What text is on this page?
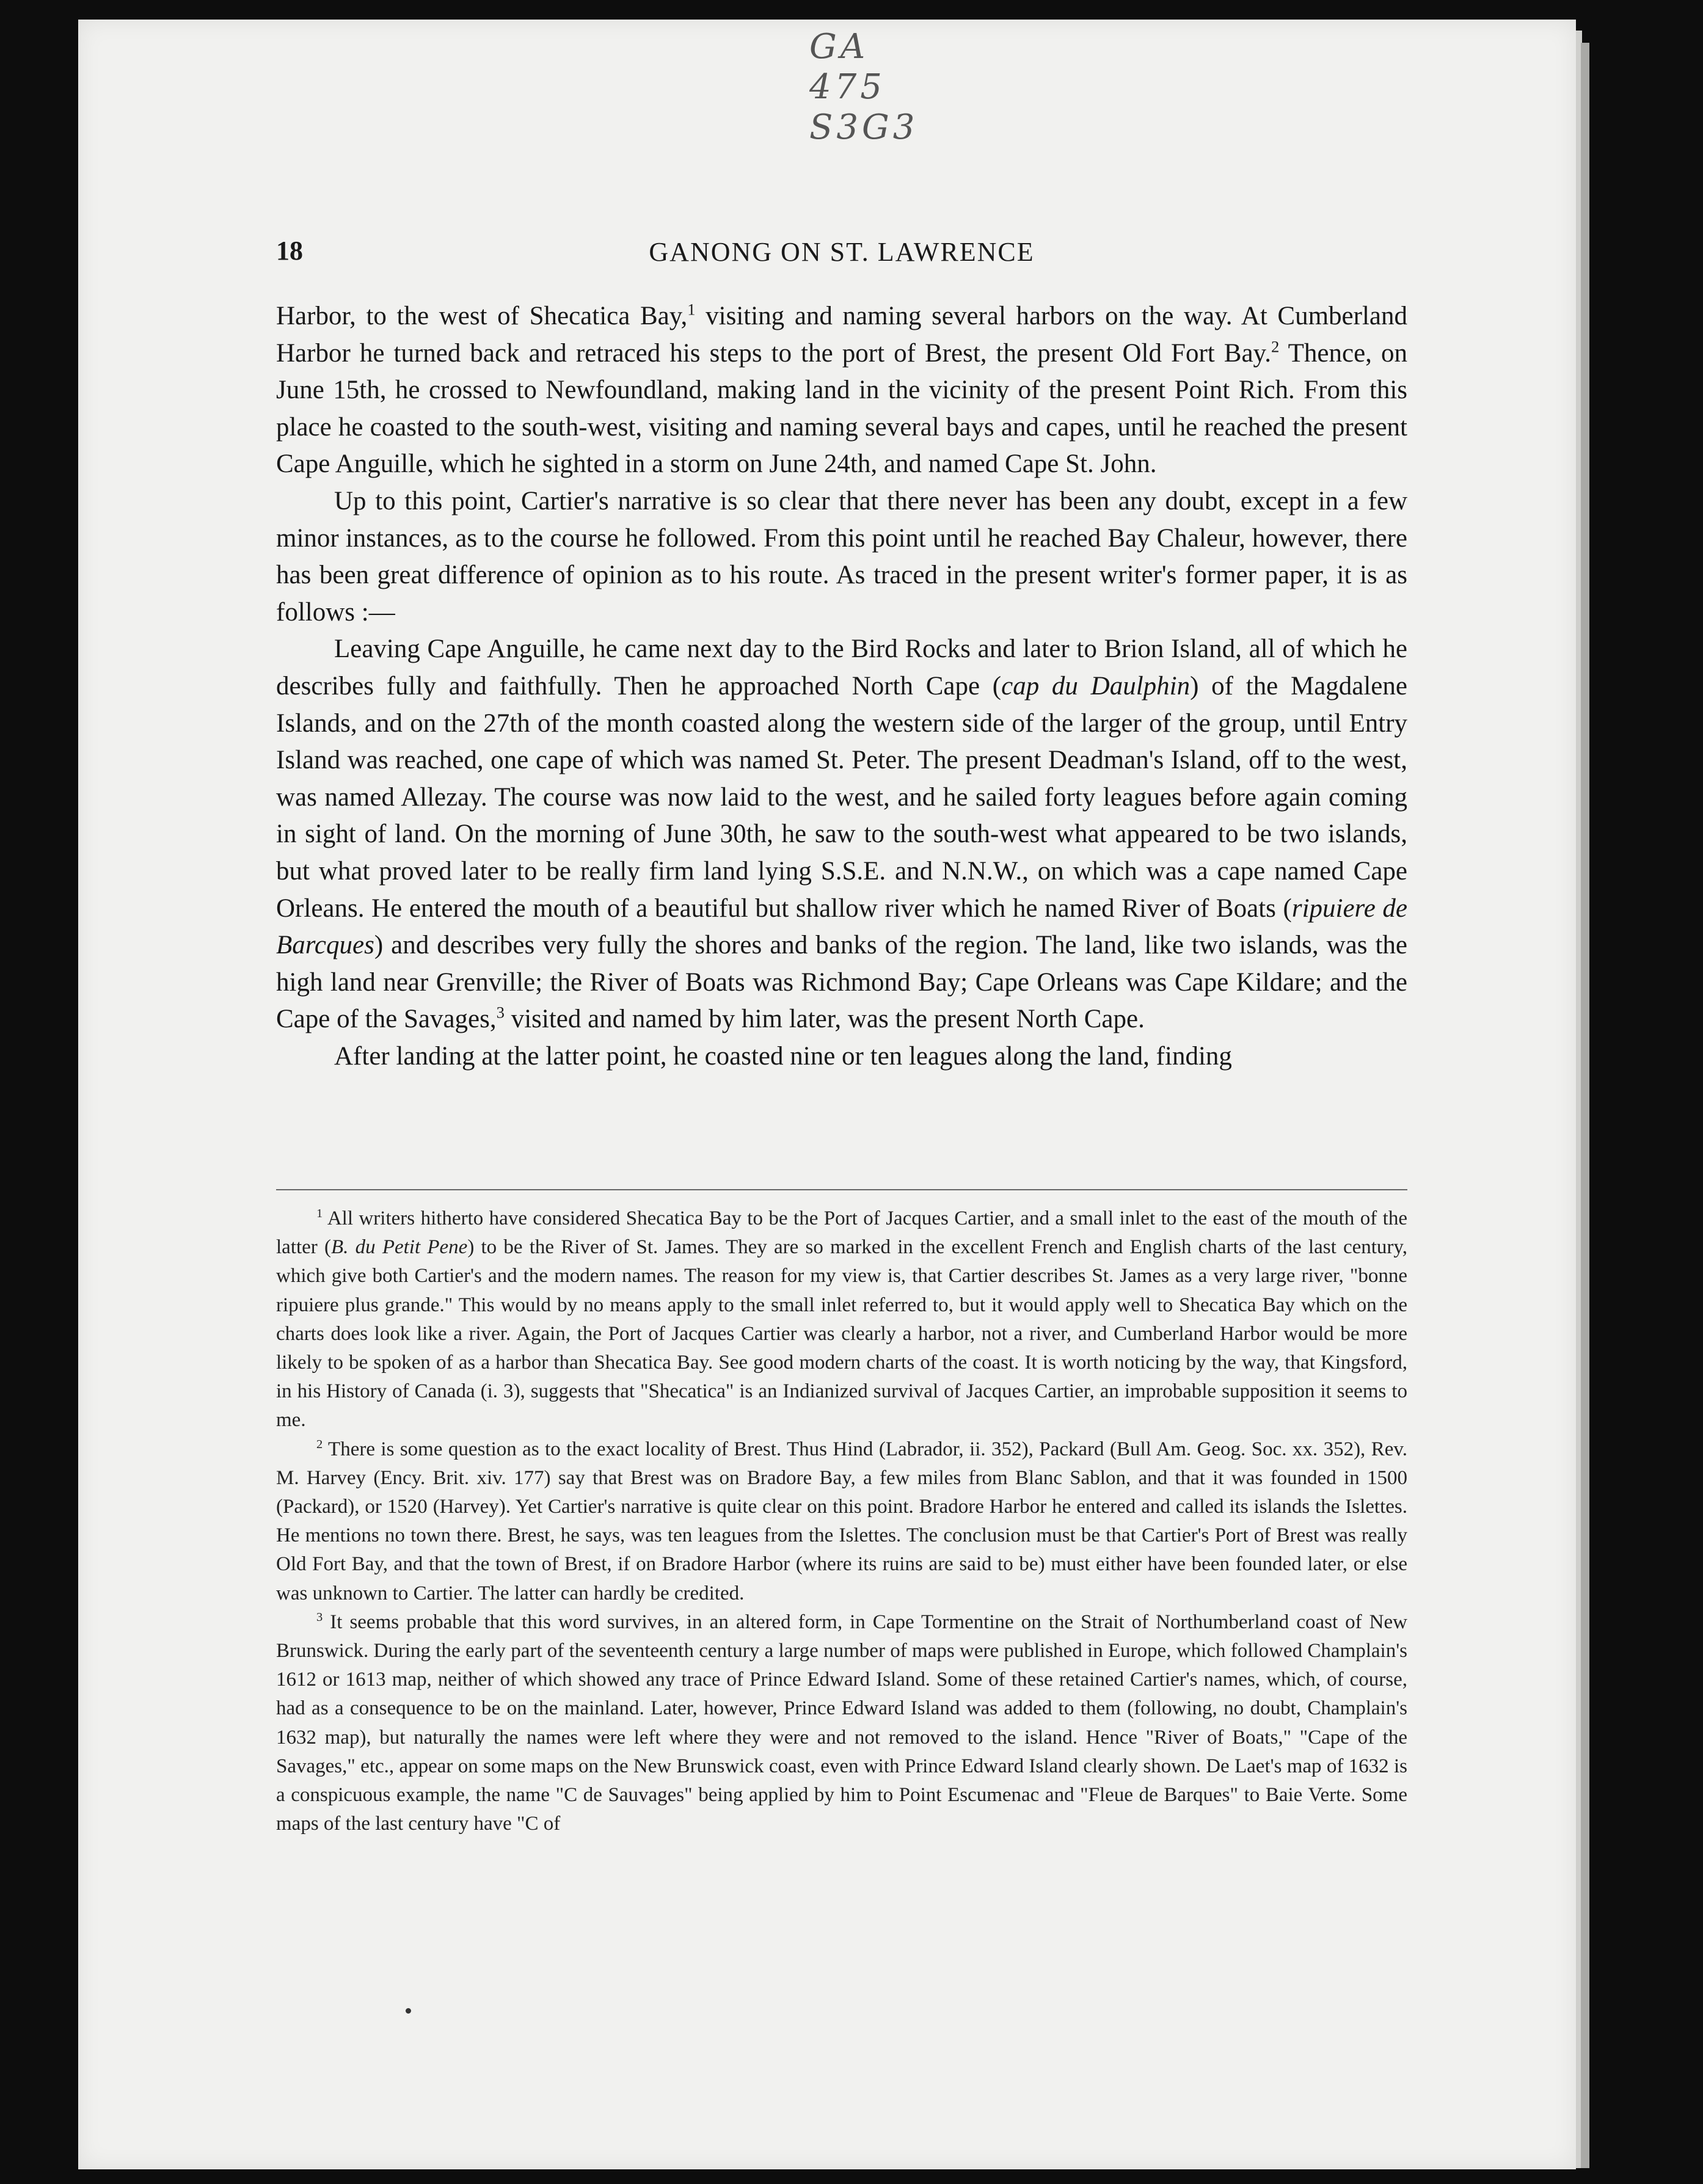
GA
475
S3G3
18	GANONG ON ST. LAWRENCE

Harbor, to the west of Shecatica Bay,$^1$ visiting and naming several harbors on the way. At Cumberland Harbor he turned back and retraced his steps to the port of Brest, the present Old Fort Bay.$^2$ Thence, on June 15th, he crossed to Newfoundland, making land in the vicinity of the present Point Rich. From this place he coasted to the south-west, visiting and naming several bays and capes, until he reached the present Cape Anguille, which he sighted in a storm on June 24th, and named Cape St. John.

Up to this point, Cartier's narrative is so clear that there never has been any doubt, except in a few minor instances, as to the course he followed. From this point until he reached Bay Chaleur, however, there has been great difference of opinion as to his route. As traced in the present writer's former paper, it is as follows :—

Leaving Cape Anguille, he came next day to the Bird Rocks and later to Brion Island, all of which he describes fully and faithfully. Then he approached North Cape (cap du Daulphin) of the Magdalene Islands, and on the 27th of the month coasted along the western side of the larger of the group, until Entry Island was reached, one cape of which was named St. Peter. The present Deadman's Island, off to the west, was named Allezay. The course was now laid to the west, and he sailed forty leagues before again coming in sight of land. On the morning of June 30th, he saw to the south-west what appeared to be two islands, but what proved later to be really firm land lying S.S.E. and N.N.W., on which was a cape named Cape Orleans. He entered the mouth of a beautiful but shallow river which he named River of Boats (ripuiere de Barcques) and describes very fully the shores and banks of the region. The land, like two islands, was the high land near Grenville; the River of Boats was Richmond Bay; Cape Orleans was Cape Kildare; and the Cape of the Savages,$^3$ visited and named by him later, was the present North Cape.

After landing at the latter point, he coasted nine or ten leagues along the land, finding

$^1$ All writers hitherto have considered Shecatica Bay to be the Port of Jacques Cartier, and a small inlet to the east of the mouth of the latter (B. du Petit Pene) to be the River of St. James. They are so marked in the excellent French and English charts of the last century, which give both Cartier's and the modern names. The reason for my view is, that Cartier describes St. James as a very large river, "bonne ripuiere plus grande." This would by no means apply to the small inlet referred to, but it would apply well to Shecatica Bay which on the charts does look like a river. Again, the Port of Jacques Cartier was clearly a harbor, not a river, and Cumberland Harbor would be more likely to be spoken of as a harbor than Shecatica Bay. See good modern charts of the coast. It is worth noticing by the way, that Kingsford, in his History of Canada (i. 3), suggests that "Shecatica" is an Indianized survival of Jacques Cartier, an improbable supposition it seems to me.

$^2$ There is some question as to the exact locality of Brest. Thus Hind (Labrador, ii. 352), Packard (Bull Am. Geog. Soc. xx. 352), Rev. M. Harvey (Ency. Brit. xiv. 177) say that Brest was on Bradore Bay, a few miles from Blanc Sablon, and that it was founded in 1500 (Packard), or 1520 (Harvey). Yet Cartier's narrative is quite clear on this point. Bradore Harbor he entered and called its islands the Islettes. He mentions no town there. Brest, he says, was ten leagues from the Islettes. The conclusion must be that Cartier's Port of Brest was really Old Fort Bay, and that the town of Brest, if on Bradore Harbor (where its ruins are said to be) must either have been founded later, or else was unknown to Cartier. The latter can hardly be credited.

$^3$ It seems probable that this word survives, in an altered form, in Cape Tormentine on the Strait of Northumberland coast of New Brunswick. During the early part of the seventeenth century a large number of maps were published in Europe, which followed Champlain's 1612 or 1613 map, neither of which showed any trace of Prince Edward Island. Some of these retained Cartier's names, which, of course, had as a consequence to be on the mainland. Later, however, Prince Edward Island was added to them (following, no doubt, Champlain's 1632 map), but naturally the names were left where they were and not removed to the island. Hence "River of Boats," "Cape of the Savages," etc., appear on some maps on the New Brunswick coast, even with Prince Edward Island clearly shown. De Laet's map of 1632 is a conspicuous example, the name "C de Sauvages" being applied by him to Point Escumenac and "Fleue de Barques" to Baie Verte. Some maps of the last century have "C of
